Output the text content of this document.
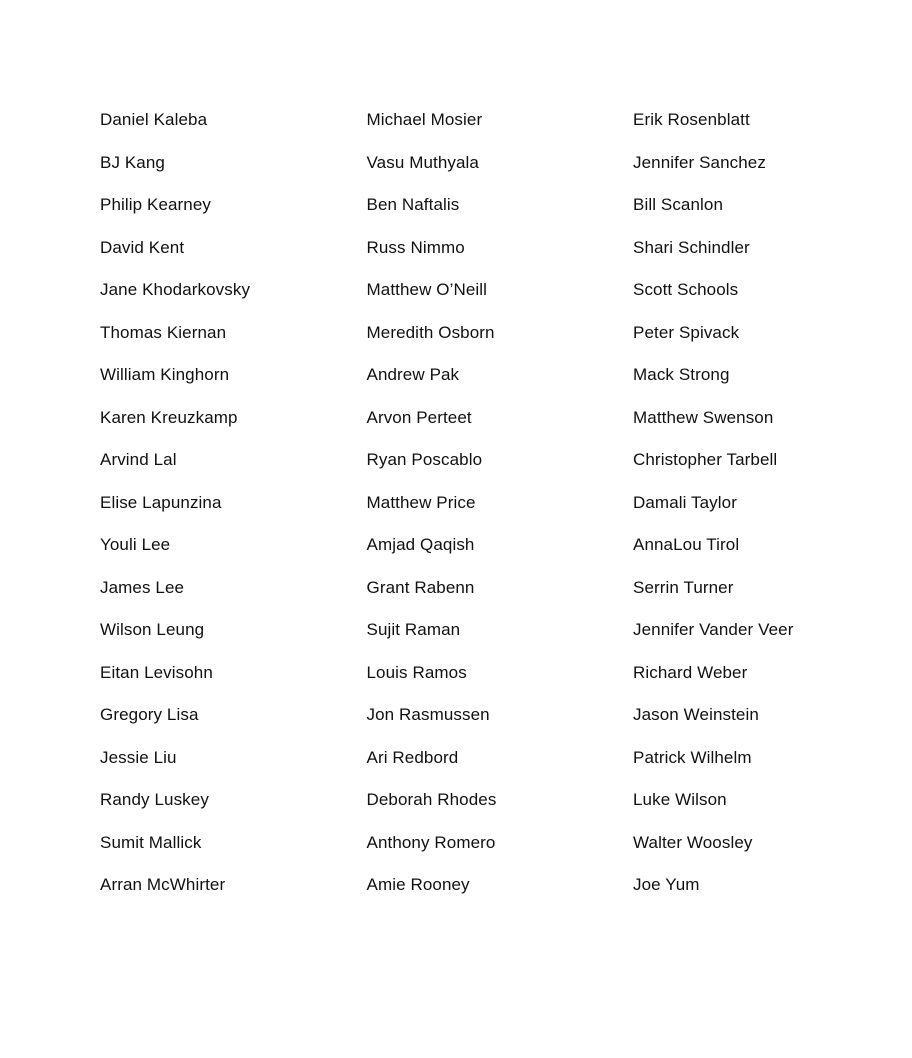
Daniel Kaleba
BJ Kang
Philip Kearney
David Kent
Jane Khodarkovsky
Thomas Kiernan
William Kinghorn
Karen Kreuzkamp
Arvind Lal
Elise Lapunzina
Youli Lee
James Lee
Wilson Leung
Eitan Levisohn
Gregory Lisa
Jessie Liu
Randy Luskey
Sumit Mallick
Arran McWhirter
Michael Mosier
Vasu Muthyala
Ben Naftalis
Russ Nimmo
Matthew O’Neill
Meredith Osborn
Andrew Pak
Arvon Perteet
Ryan Poscablo
Matthew Price
Amjad Qaqish
Grant Rabenn
Sujit Raman
Louis Ramos
Jon Rasmussen
Ari Redbord
Deborah Rhodes
Anthony Romero
Amie Rooney
Erik Rosenblatt
Jennifer Sanchez
Bill Scanlon
Shari Schindler
Scott Schools
Peter Spivack
Mack Strong
Matthew Swenson
Christopher Tarbell
Damali Taylor
AnnaLou Tirol
Serrin Turner
Jennifer Vander Veer
Richard Weber
Jason Weinstein
Patrick Wilhelm
Luke Wilson
Walter Woosley
Joe Yum
